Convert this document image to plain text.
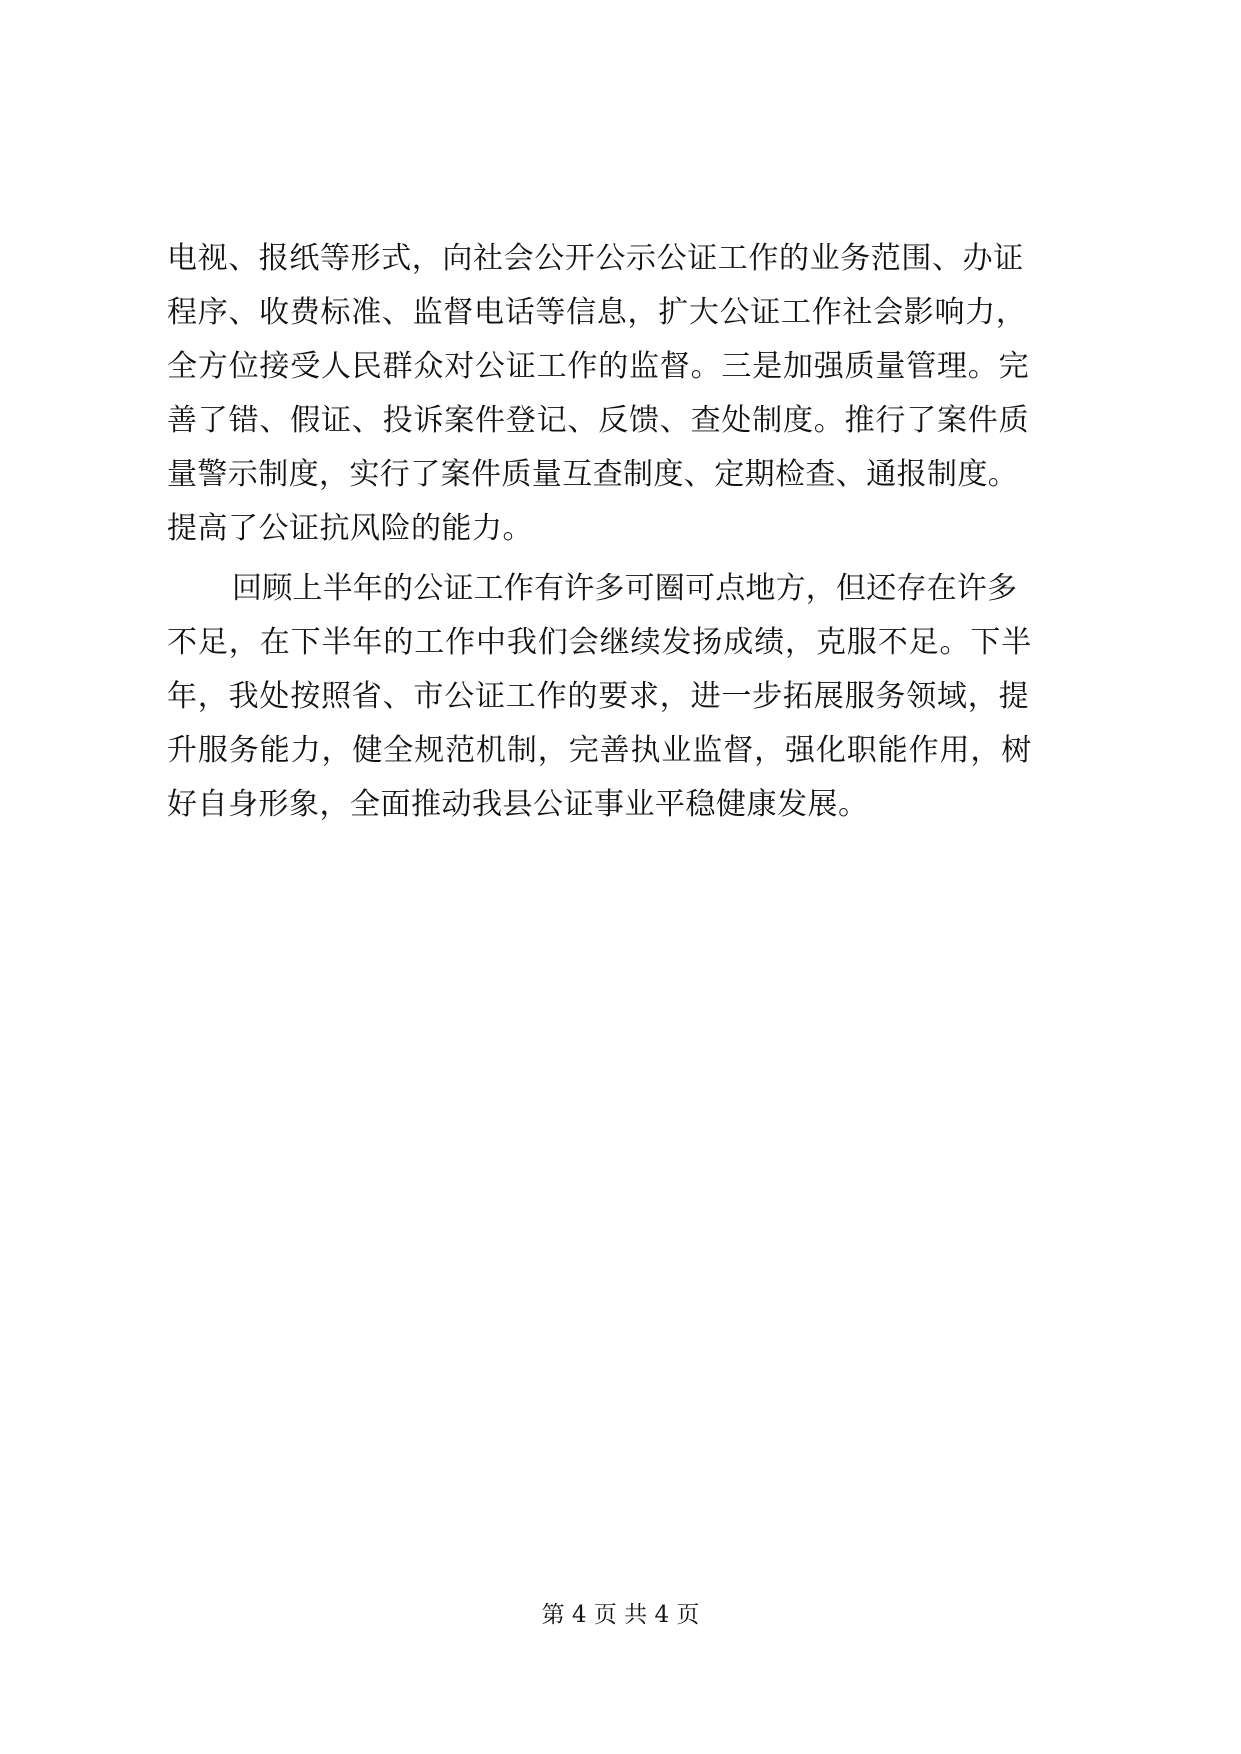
电视、报纸等形式，向社会公开公示公证工作的业务范围、办证
程序、收费标准、监督电话等信息，扩大公证工作社会影响力，
全方位接受人民群众对公证工作的监督。三是加强质量管理。完
善了错、假证、投诉案件登记、反馈、查处制度。推行了案件质
量警示制度，实行了案件质量互查制度、定期检查、通报制度。
提高了公证抗风险的能力。
回顾上半年的公证工作有许多可圈可点地方，但还存在许多
不足，在下半年的工作中我们会继续发扬成绩，克服不足。下半
年，我处按照省、市公证工作的要求，进一步拓展服务领域，提
升服务能力，健全规范机制，完善执业监督，强化职能作用，树
好自身形象，全面推动我县公证事业平稳健康发展。
第 4 页 共 4 页
